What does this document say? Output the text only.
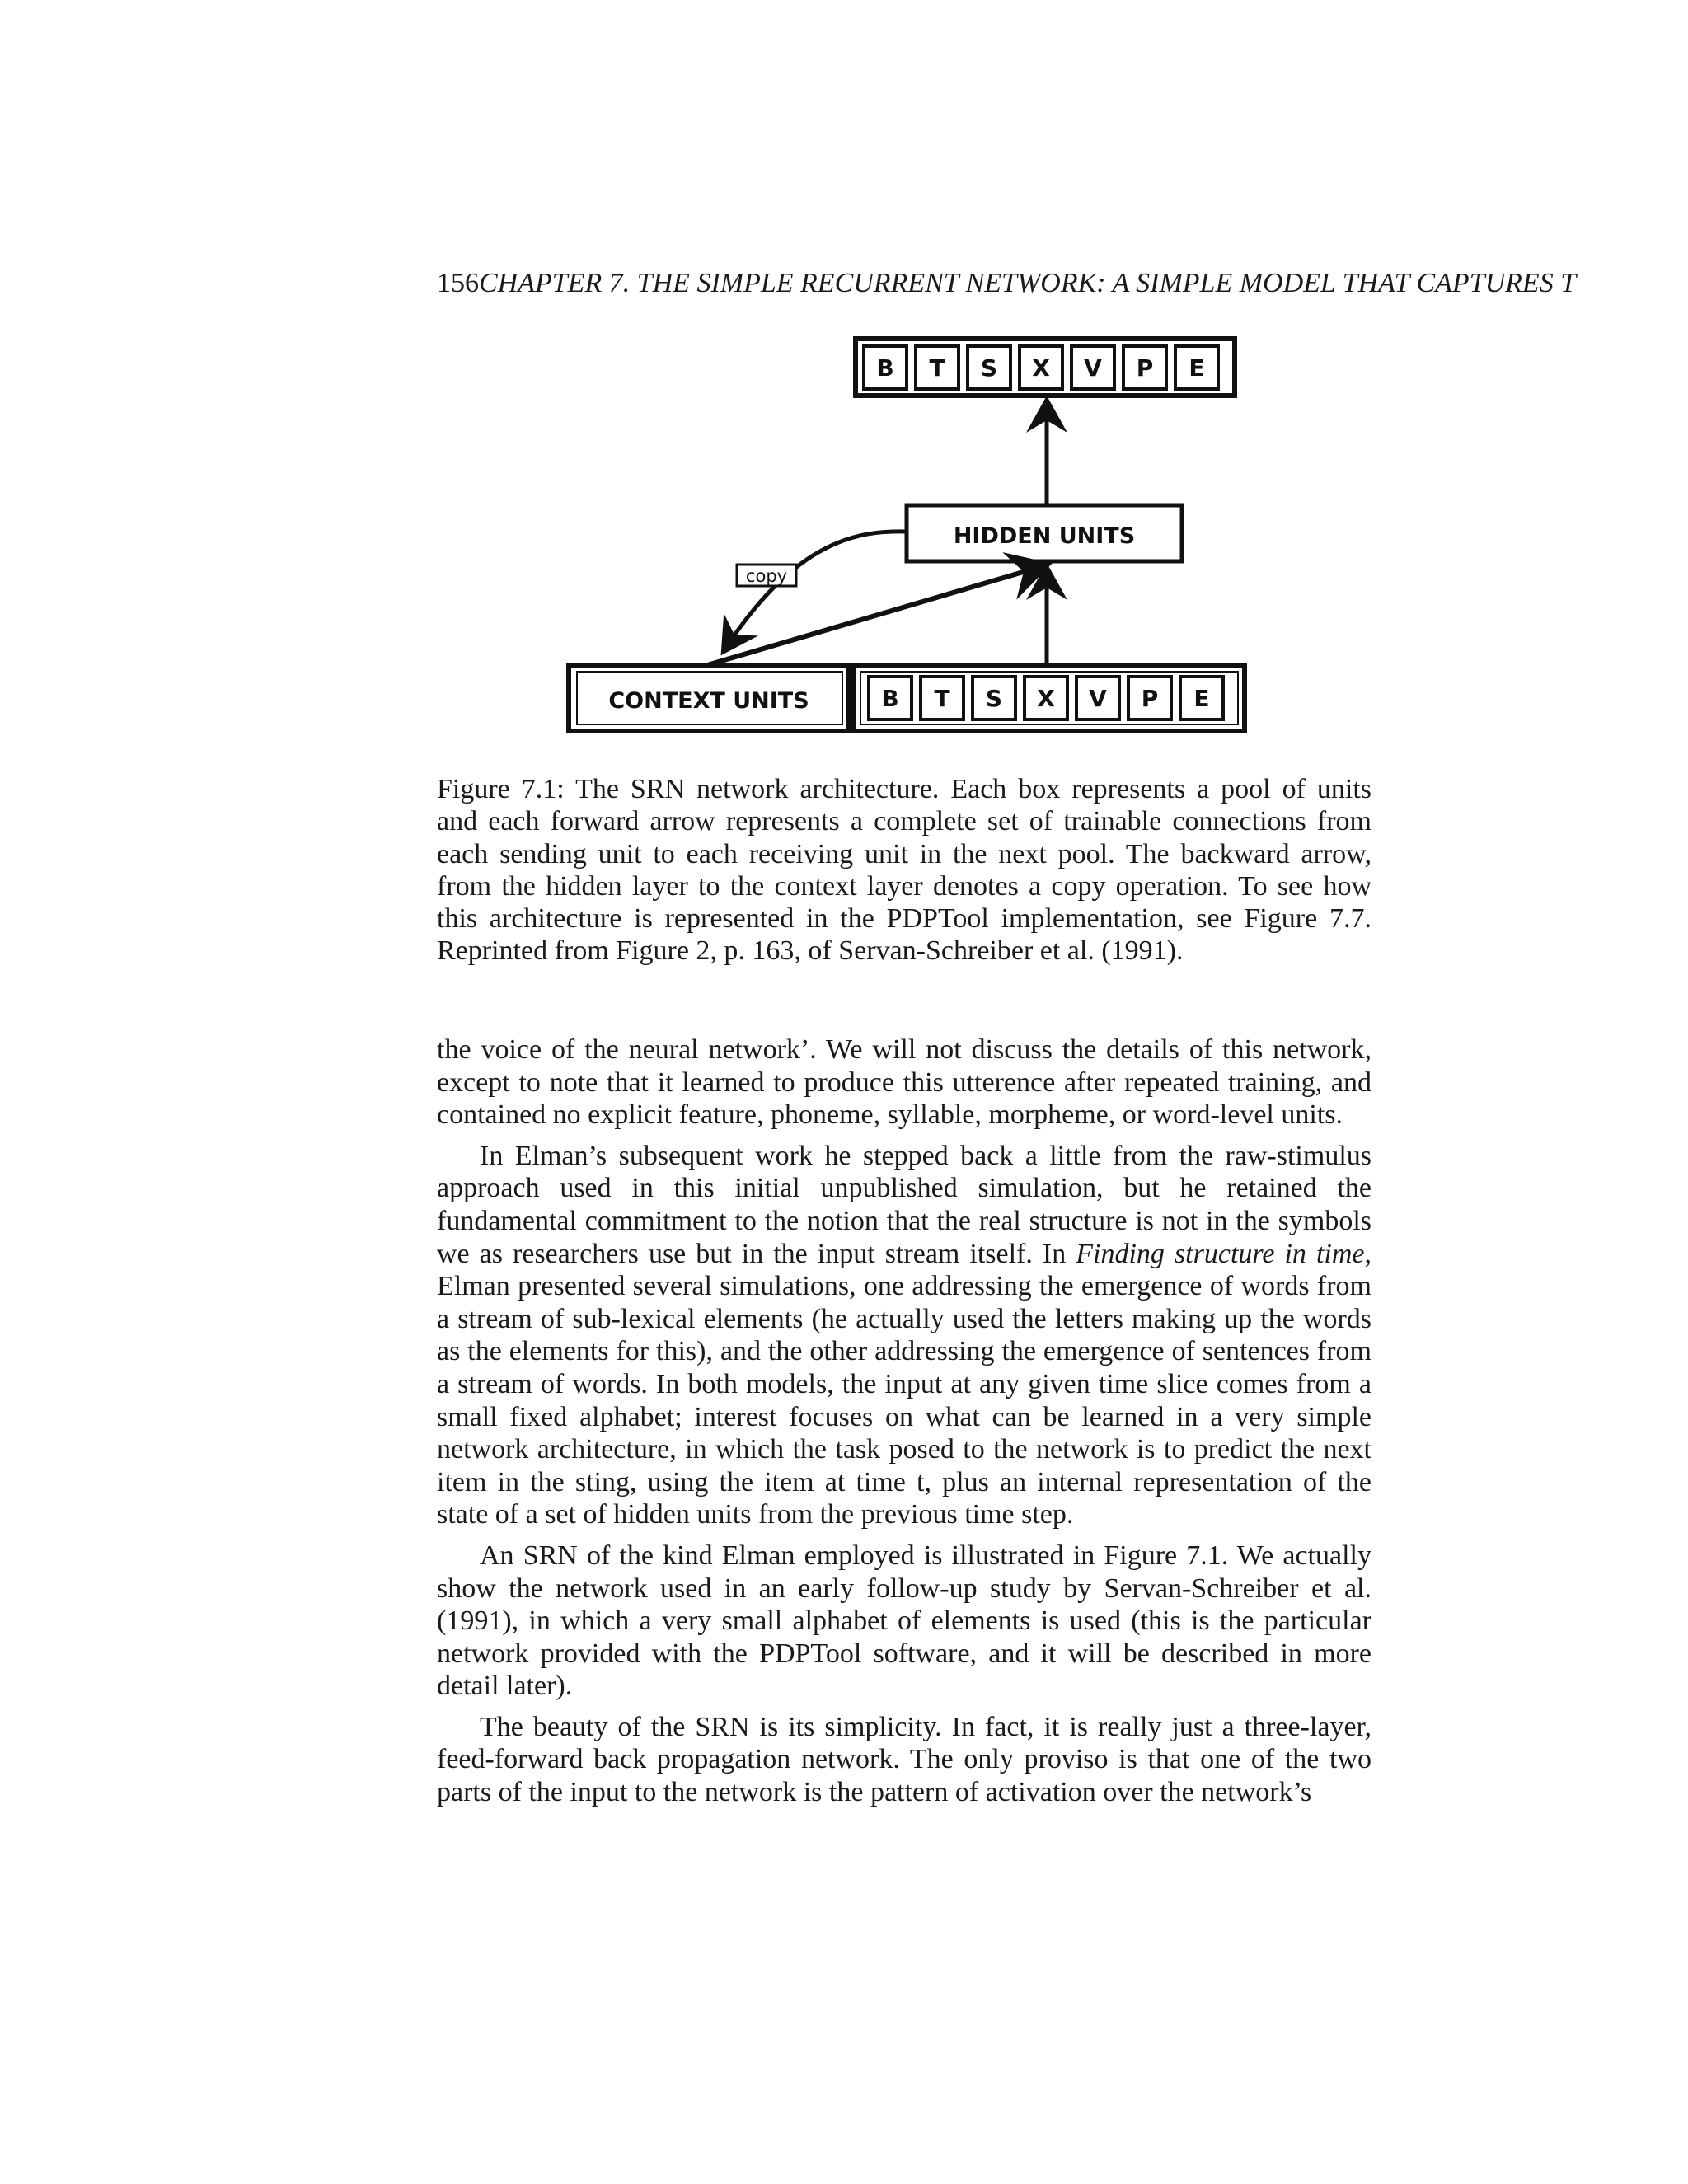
156CHAPTER 7. THE SIMPLE RECURRENT NETWORK: A SIMPLE MODEL THAT CAPTURES T
B T S X V P E
HIDDEN UNITS
copy
CONTEXT UNITS	B T S X V P E
Figure 7.1: The SRN network architecture. Each box represents a pool of units
and each forward arrow represents a complete set of trainable connections from
each sending unit to each receiving unit in the next pool. The backward arrow,
from the hidden layer to the context layer denotes a copy operation. To see how
this architecture is represented in the PDPTool implementation, see Figure 7.7.
Reprinted from Figure 2, p. 163, of Servan-Schreiber et al. (1991).

the voice of the neural network’. We will not discuss the details of this network, except to note that it learned to produce this utterence after repeated training, and contained no explicit feature, phoneme, syllable, morpheme, or word-level units.

In Elman’s subsequent work he stepped back a little from the raw-stimulus approach used in this initial unpublished simulation, but he retained the fundamental commitment to the notion that the real structure is not in the symbols we as researchers use but in the input stream itself. In Finding structure in time, Elman presented several simulations, one addressing the emergence of words from a stream of sub-lexical elements (he actually used the letters making up the words as the elements for this), and the other addressing the emergence of sentences from a stream of words. In both models, the input at any given time slice comes from a small fixed alphabet; interest focuses on what can be learned in a very simple network architecture, in which the task posed to the network is to predict the next item in the sting, using the item at time t, plus an internal representation of the state of a set of hidden units from the previous time step.

An SRN of the kind Elman employed is illustrated in Figure 7.1. We actually show the network used in an early follow-up study by Servan-Schreiber et al. (1991), in which a very small alphabet of elements is used (this is the particular network provided with the PDPTool software, and it will be described in more detail later).

The beauty of the SRN is its simplicity. In fact, it is really just a three-layer, feed-forward back propagation network. The only proviso is that one of the two parts of the input to the network is the pattern of activation over the network’s
